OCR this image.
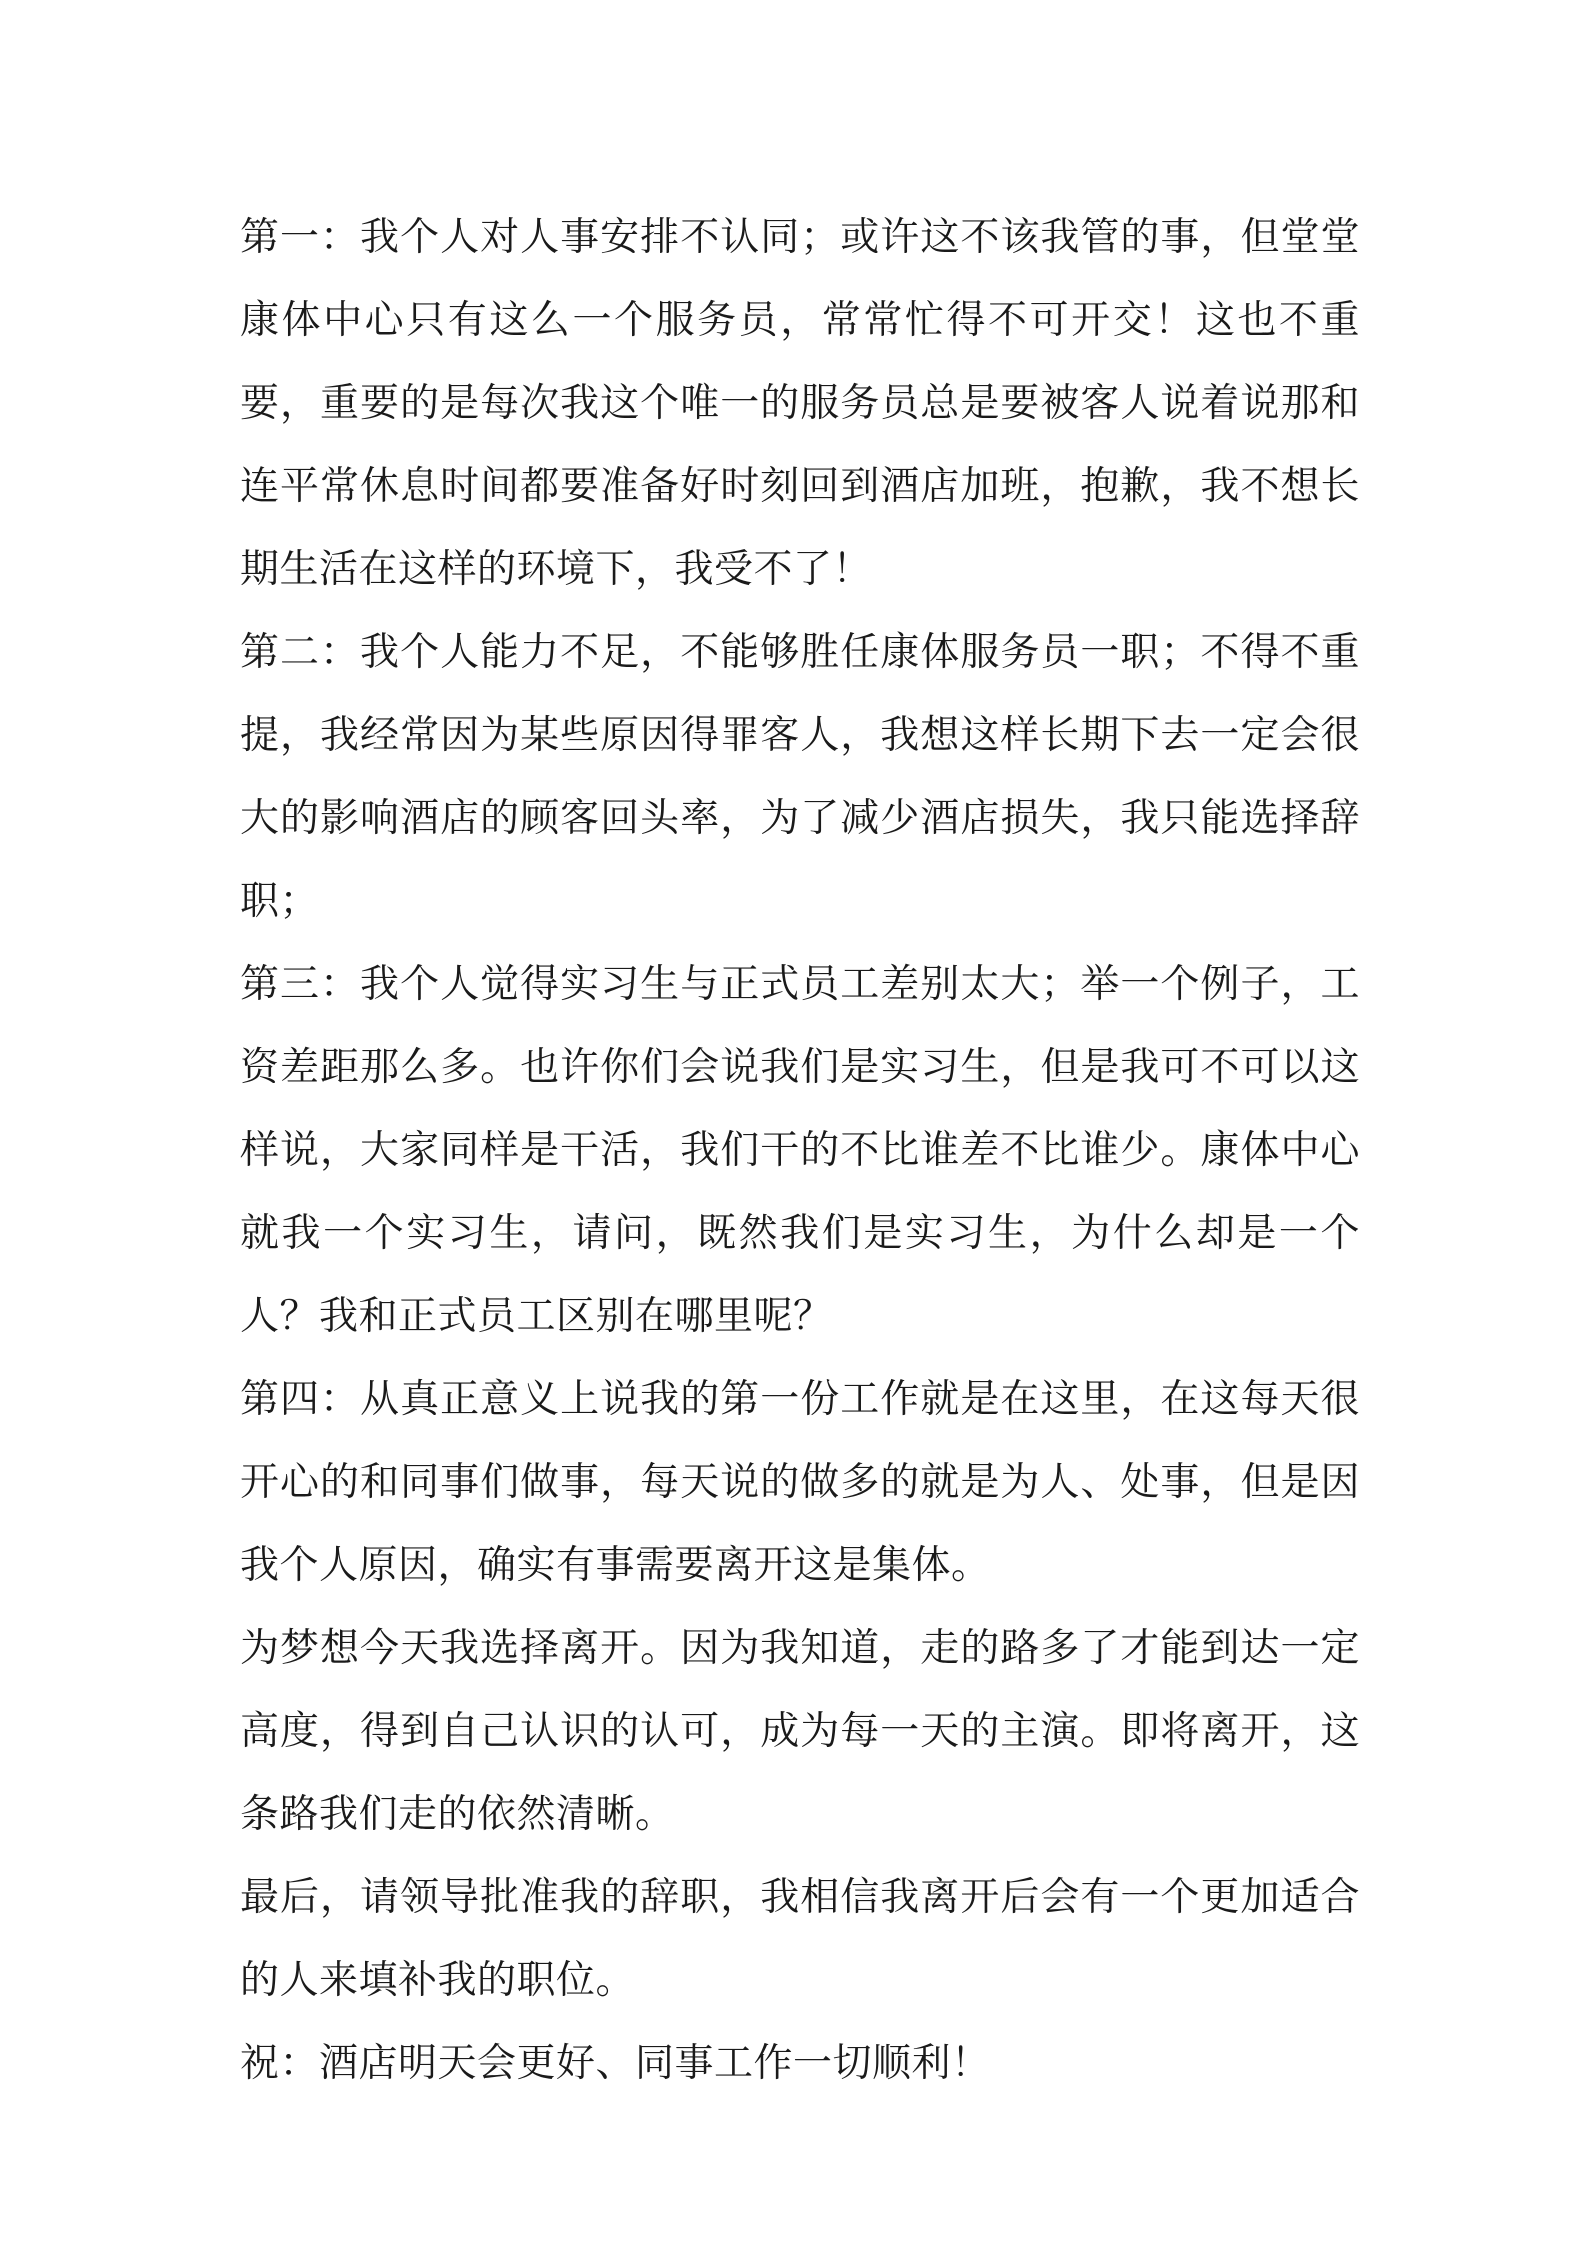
第一：我个人对人事安排不认同；或许这不该我管的事，但堂堂康体中心只有这么一个服务员，常常忙得不可开交！这也不重要，重要的是每次我这个唯一的服务员总是要被客人说着说那和连平常休息时间都要准备好时刻回到酒店加班，抱歉，我不想长期生活在这样的环境下，我受不了！

第二：我个人能力不足，不能够胜任康体服务员一职；不得不重提，我经常因为某些原因得罪客人，我想这样长期下去一定会很大的影响酒店的顾客回头率，为了减少酒店损失，我只能选择辞职；

第三：我个人觉得实习生与正式员工差别太大；举一个例子，工资差距那么多。也许你们会说我们是实习生，但是我可不可以这样说，大家同样是干活，我们干的不比谁差不比谁少。康体中心就我一个实习生，请问，既然我们是实习生，为什么却是一个人？我和正式员工区别在哪里呢？

第四：从真正意义上说我的第一份工作就是在这里，在这每天很开心的和同事们做事，每天说的做多的就是为人、处事，但是因我个人原因，确实有事需要离开这是集体。

为梦想今天我选择离开。因为我知道，走的路多了才能到达一定高度，得到自己认识的认可，成为每一天的主演。即将离开，这条路我们走的依然清晰。

最后，请领导批准我的辞职，我相信我离开后会有一个更加适合的人来填补我的职位。

祝：酒店明天会更好、同事工作一切顺利！
